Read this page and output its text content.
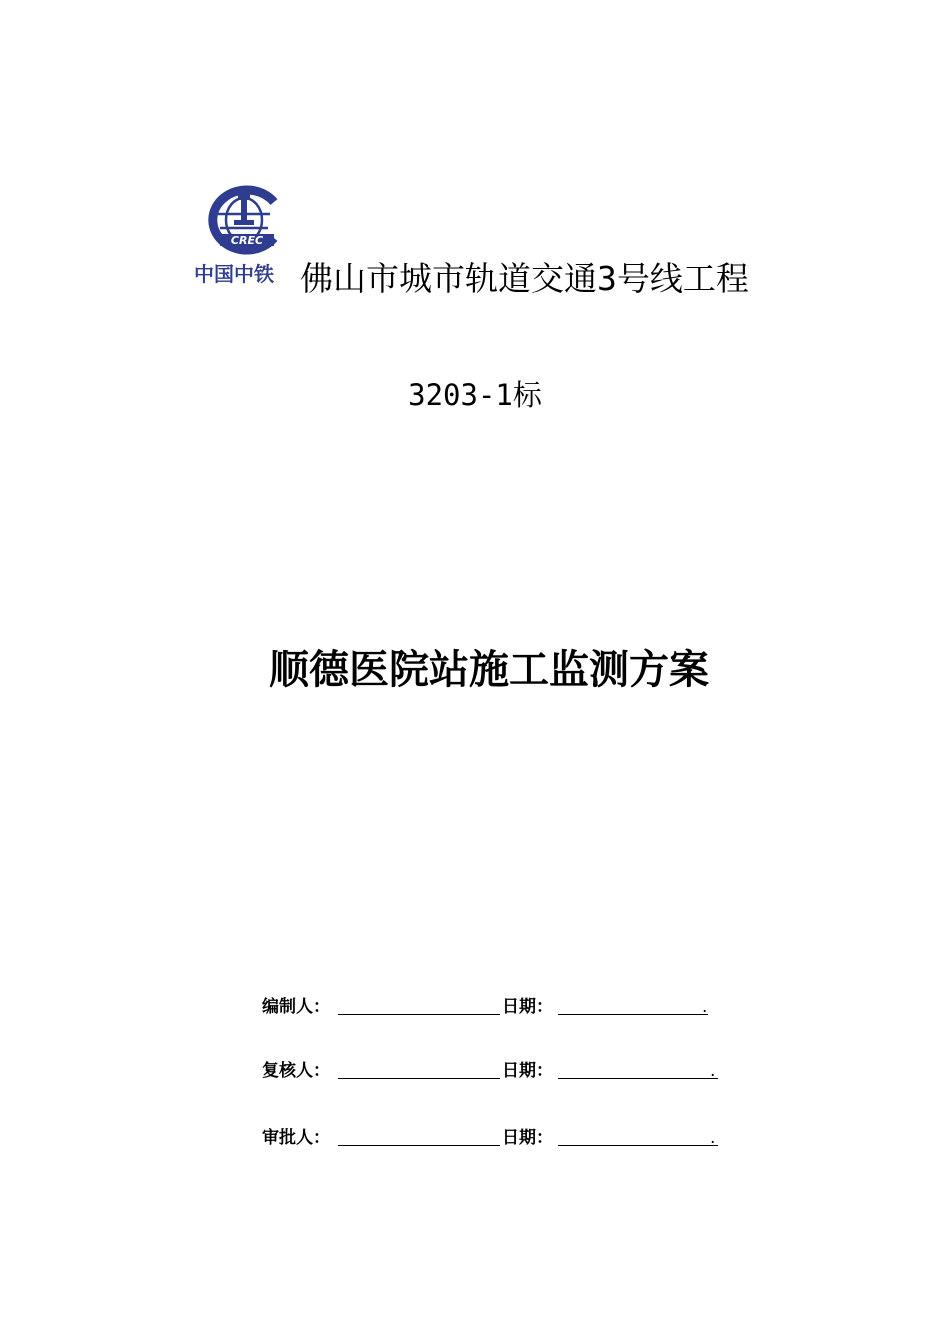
CREC
中国中铁 佛山市城市轨道交通3号线工程
3203-1标
顺德医院站施工监测方案
编制人：	日期：	.
复核人：	日期：	.
审批人：	日期：	.
